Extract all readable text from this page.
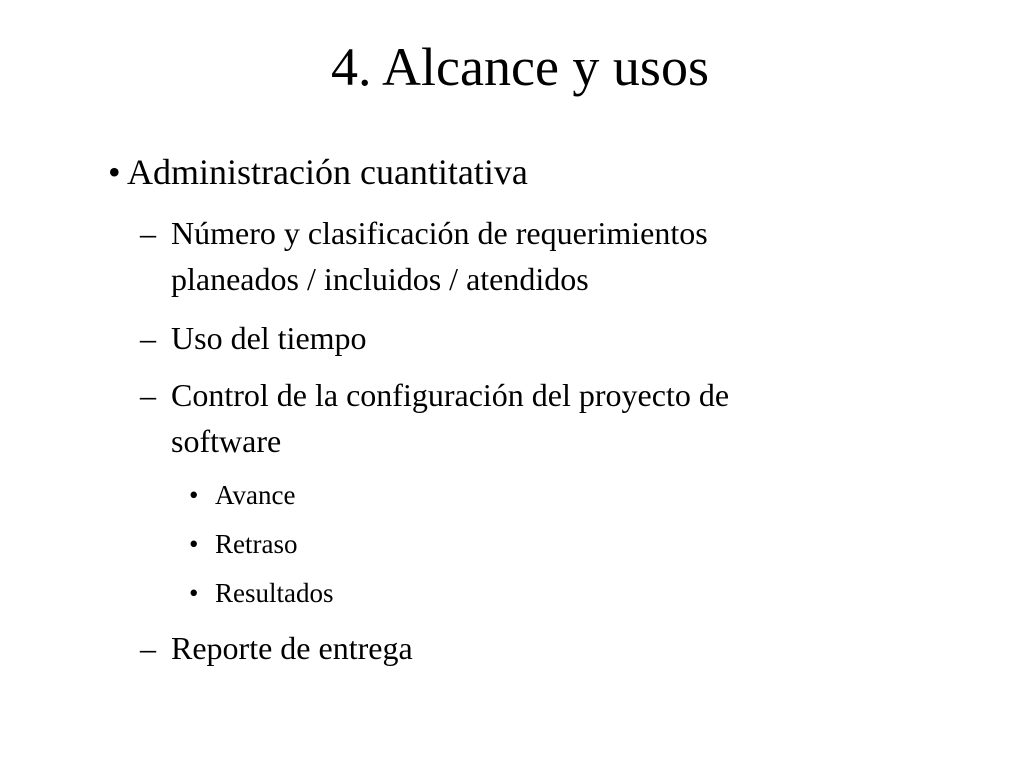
4. Alcance y usos
• Administración cuantitativa
– Número y clasificación de requerimientos
planeados / incluidos / atendidos
– Uso del tiempo
– Control de la configuración del proyecto de
software
• Avance
• Retraso
• Resultados
– Reporte de entrega
